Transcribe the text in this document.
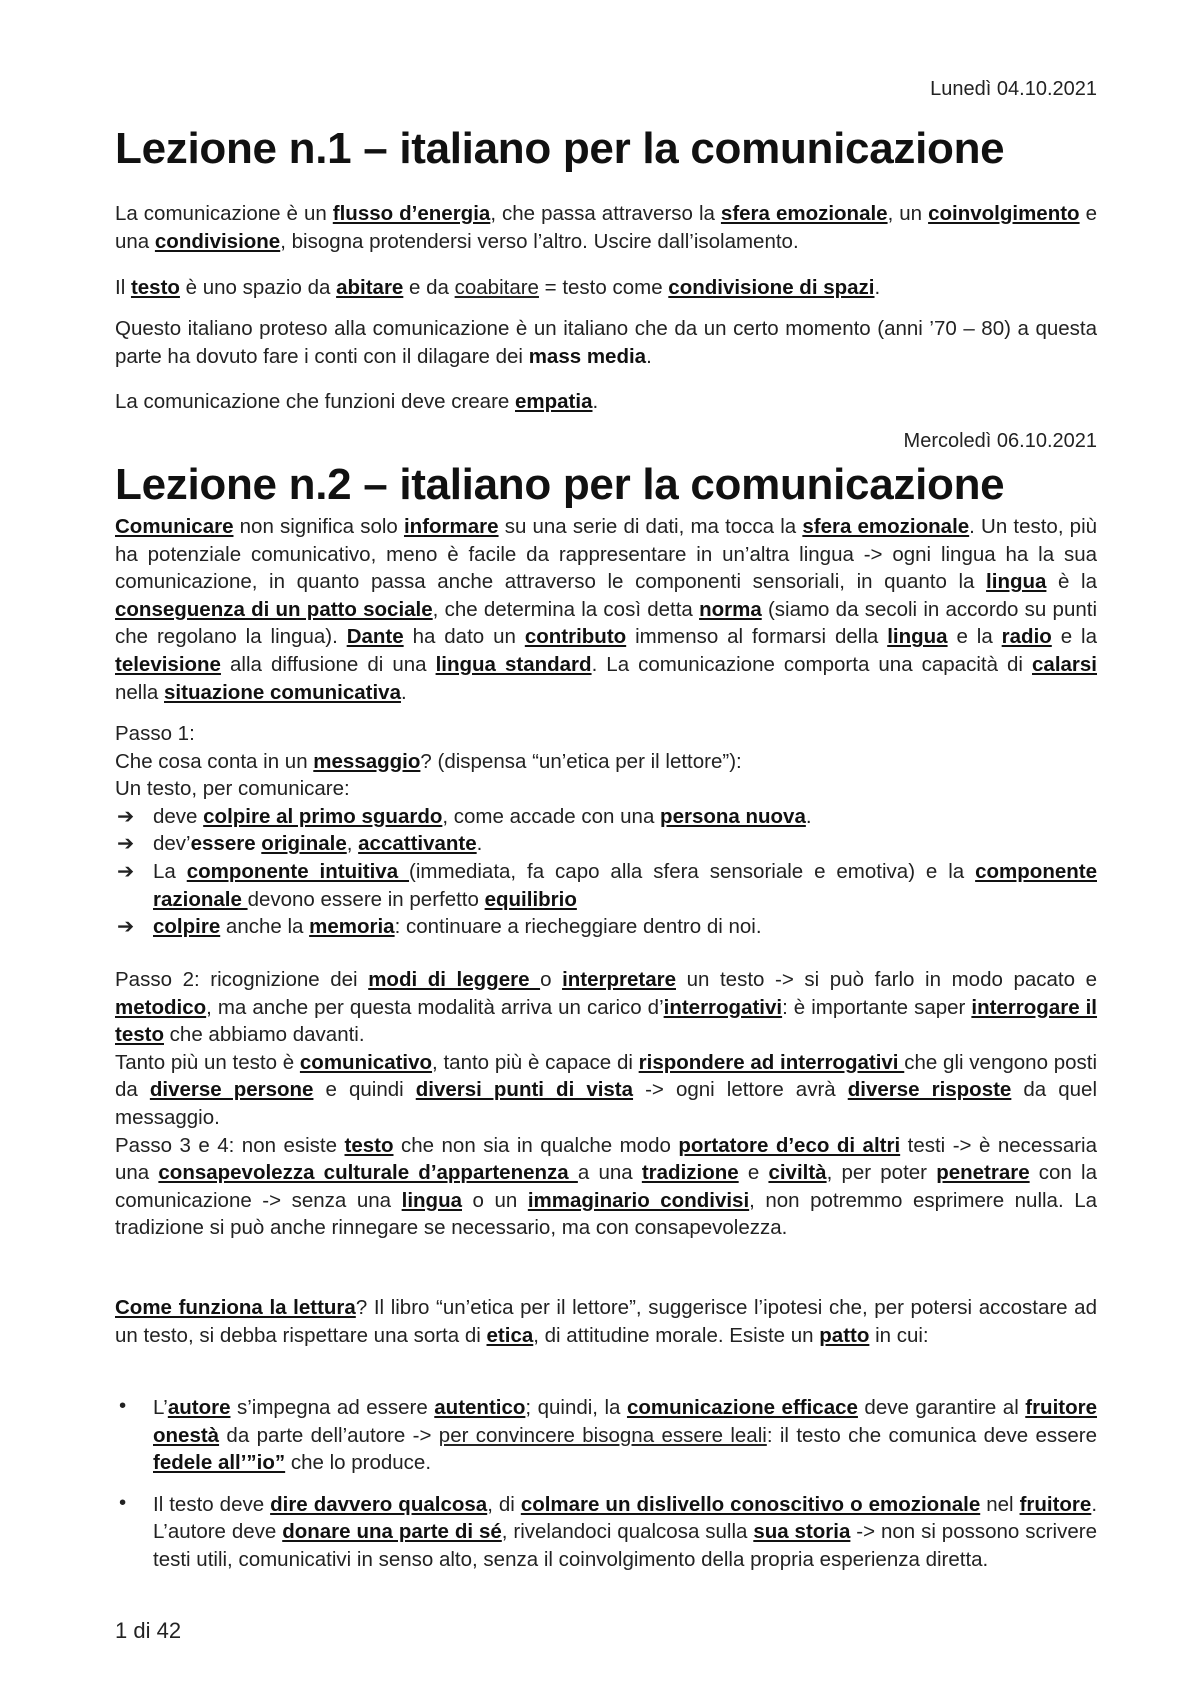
Lunedì 04.10.2021
Lezione n.1 – italiano per la comunicazione

La comunicazione è un flusso d’energia, che passa attraverso la sfera emozionale, un coinvolgimento e una condivisione, bisogna protendersi verso l’altro. Uscire dall’isolamento.

Il testo è uno spazio da abitare e da coabitare = testo come condivisione di spazi.

Questo italiano proteso alla comunicazione è un italiano che da un certo momento (anni ’70 – 80) a questa parte ha dovuto fare i conti con il dilagare dei mass media.

La comunicazione che funzioni deve creare empatia.

Mercoledì 06.10.2021
Lezione n.2 – italiano per la comunicazione

Comunicare non significa solo informare su una serie di dati, ma tocca la sfera emozionale. Un testo, più ha potenziale comunicativo, meno è facile da rappresentare in un’altra lingua -> ogni lingua ha la sua comunicazione, in quanto passa anche attraverso le componenti sensoriali, in quanto la lingua è la conseguenza di un patto sociale, che determina la così detta norma (siamo da secoli in accordo su punti che regolano la lingua). Dante ha dato un contributo immenso al formarsi della lingua e la radio e la televisione alla diffusione di una lingua standard. La comunicazione comporta una capacità di calarsi nella situazione comunicativa.

Passo 1:
Che cosa conta in un messaggio? (dispensa “un’etica per il lettore”):
Un testo, per comunicare:
➔ deve colpire al primo sguardo, come accade con una persona nuova.
➔ dev’essere originale, accattivante.
➔ La componente intuitiva (immediata, fa capo alla sfera sensoriale e emotiva) e la componente razionale devono essere in perfetto equilibrio
➔ colpire anche la memoria: continuare a riecheggiare dentro di noi.
Passo 2: ricognizione dei modi di leggere o interpretare un testo -> si può farlo in modo pacato e metodico, ma anche per questa modalità arriva un carico d’interrogativi: è importante saper interrogare il testo che abbiamo davanti.
Tanto più un testo è comunicativo, tanto più è capace di rispondere ad interrogativi che gli vengono posti da diverse persone e quindi diversi punti di vista -> ogni lettore avrà diverse risposte da quel messaggio.
Passo 3 e 4: non esiste testo che non sia in qualche modo portatore d’eco di altri testi -> è necessaria una consapevolezza culturale d’appartenenza a una tradizione e civiltà, per poter penetrare con la comunicazione -> senza una lingua o un immaginario condivisi, non potremmo esprimere nulla. La tradizione si può anche rinnegare se necessario, ma con consapevolezza.

Come funziona la lettura? Il libro “un’etica per il lettore”, suggerisce l’ipotesi che, per potersi accostare ad un testo, si debba rispettare una sorta di etica, di attitudine morale. Esiste un patto in cui:

• L’autore s’impegna ad essere autentico; quindi, la comunicazione efficace deve garantire al fruitore onestà da parte dell’autore -> per convincere bisogna essere leali: il testo che comunica deve essere fedele all’”io” che lo produce.
• Il testo deve dire davvero qualcosa, di colmare un dislivello conoscitivo o emozionale nel fruitore. L’autore deve donare una parte di sé, rivelandoci qualcosa sulla sua storia -> non si possono scrivere testi utili, comunicativi in senso alto, senza il coinvolgimento della propria esperienza diretta.
1 di 42
